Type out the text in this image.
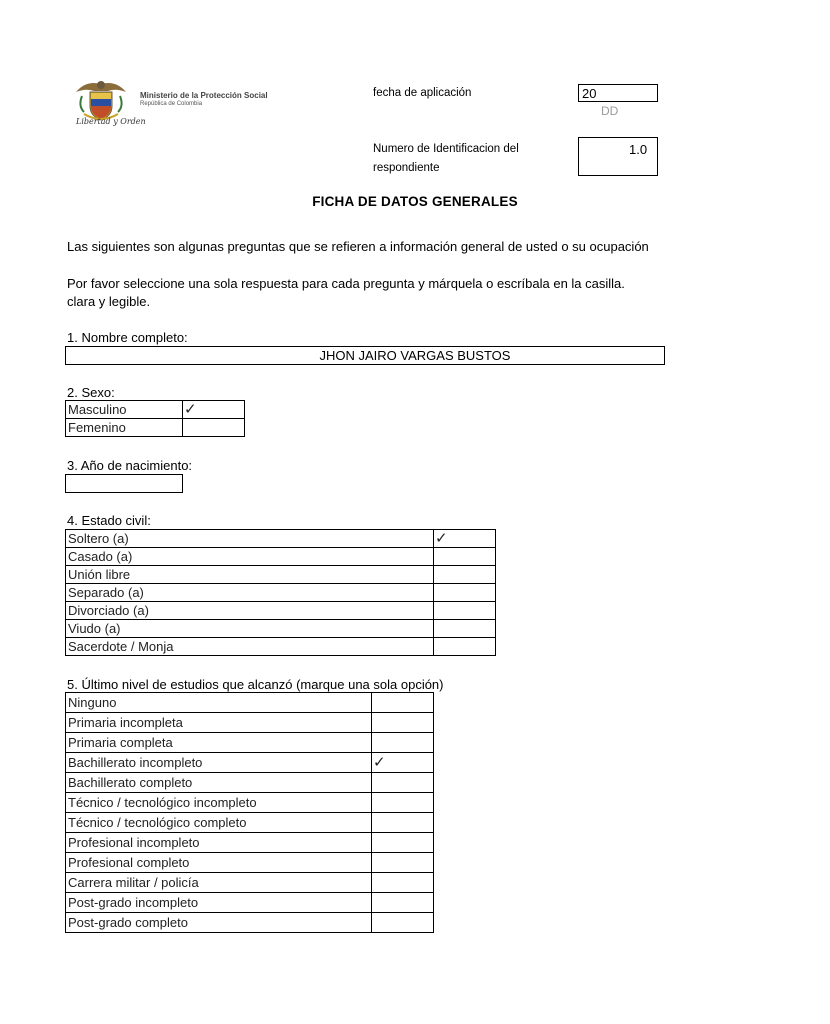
Libertad y Orden
Ministerio de la Protección Social
República de Colombia
fecha de aplicación	20
DD
Numero de Identificacion del respondiente
1.0
FICHA DE DATOS GENERALES
Las siguientes son algunas preguntas que se refieren a información general de usted o su ocupación
Por favor seleccione una sola respuesta para cada pregunta y márquela o escríbala en la casilla.
clara y legible.
1. Nombre completo:
JHON JAIRO VARGAS BUSTOS
2. Sexo:
Masculino	✓
Femenino	
3. Año de nacimiento:
4. Estado civil:
Soltero (a)	✓
Casado (a)	
Unión libre	
Separado (a)	
Divorciado (a)	
Viudo (a)	
Sacerdote / Monja	
5. Último nivel de estudios que alcanzó (marque una sola opción)
Ninguno	
Primaria incompleta	
Primaria completa	
Bachillerato incompleto	✓
Bachillerato completo	
Técnico / tecnológico incompleto	
Técnico / tecnológico completo	
Profesional incompleto	
Profesional completo	
Carrera militar / policía	
Post-grado incompleto	
Post-grado completo	
